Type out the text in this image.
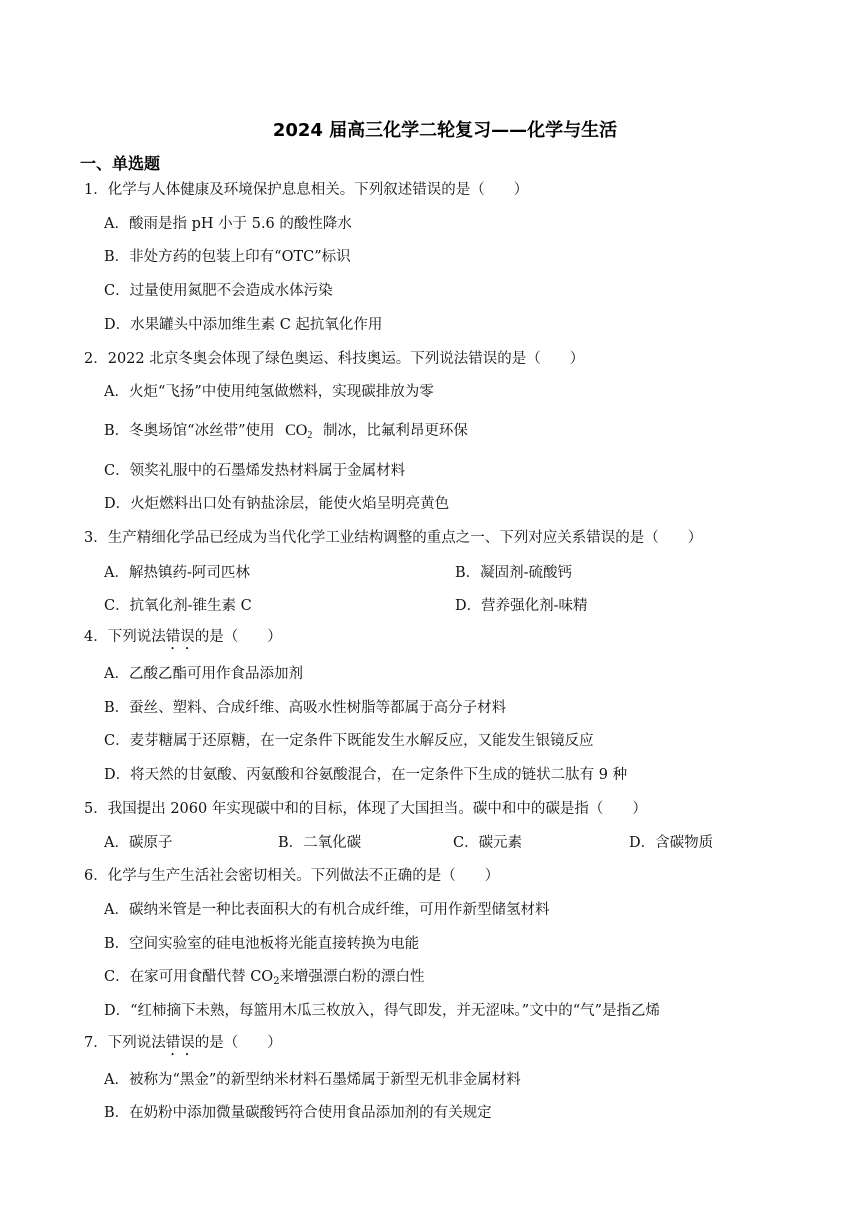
2024 届高三化学二轮复习——化学与生活
一、单选题
1．化学与人体健康及环境保护息息相关。下列叙述错误的是（　　）
A．酸雨是指 pH 小于 5.6 的酸性降水
B．非处方药的包装上印有“OTC”标识
C．过量使用氮肥不会造成水体污染
D．水果罐头中添加维生素 C 起抗氧化作用
2．2022 北京冬奥会体现了绿色奥运、科技奥运。下列说法错误的是（　　）
A．火炬“飞扬”中使用纯氢做燃料，实现碳排放为零
B．冬奥场馆“冰丝带”使用 $CO_2$ 制冰，比氟利昂更环保
C．领奖礼服中的石墨烯发热材料属于金属材料
D．火炬燃料出口处有钠盐涂层，能使火焰呈明亮黄色
3．生产精细化学品已经成为当代化学工业结构调整的重点之一、下列对应关系错误的是（　　）
A．解热镇药-阿司匹林	B．凝固剂-硫酸钙
C．抗氧化剂-锥生素 C	D．营养强化剂-味精
4．下列说法错误的是（　　）
A．乙酸乙酯可用作食品添加剂
B．蚕丝、塑料、合成纤维、高吸水性树脂等都属于高分子材料
C．麦芽糖属于还原糖，在一定条件下既能发生水解反应，又能发生银镜反应
D．将天然的甘氨酸、丙氨酸和谷氨酸混合，在一定条件下生成的链状二肽有 9 种
5．我国提出 2060 年实现碳中和的目标，体现了大国担当。碳中和中的碳是指（　　）
A．碳原子	B．二氧化碳	C．碳元素	D．含碳物质
6．化学与生产生活社会密切相关。下列做法不正确的是（　　）
A．碳纳米管是一种比表面积大的有机合成纤维，可用作新型储氢材料
B．空间实验室的硅电池板将光能直接转换为电能
C．在家可用食醋代替 $CO_2$来增强漂白粉的漂白性
D．“红柿摘下未熟，每篮用木瓜三枚放入，得气即发，并无涩味。”文中的“气”是指乙烯
7．下列说法错误的是（　　）
A．被称为“黑金”的新型纳米材料石墨烯属于新型无机非金属材料
B．在奶粉中添加微量碳酸钙符合使用食品添加剂的有关规定
